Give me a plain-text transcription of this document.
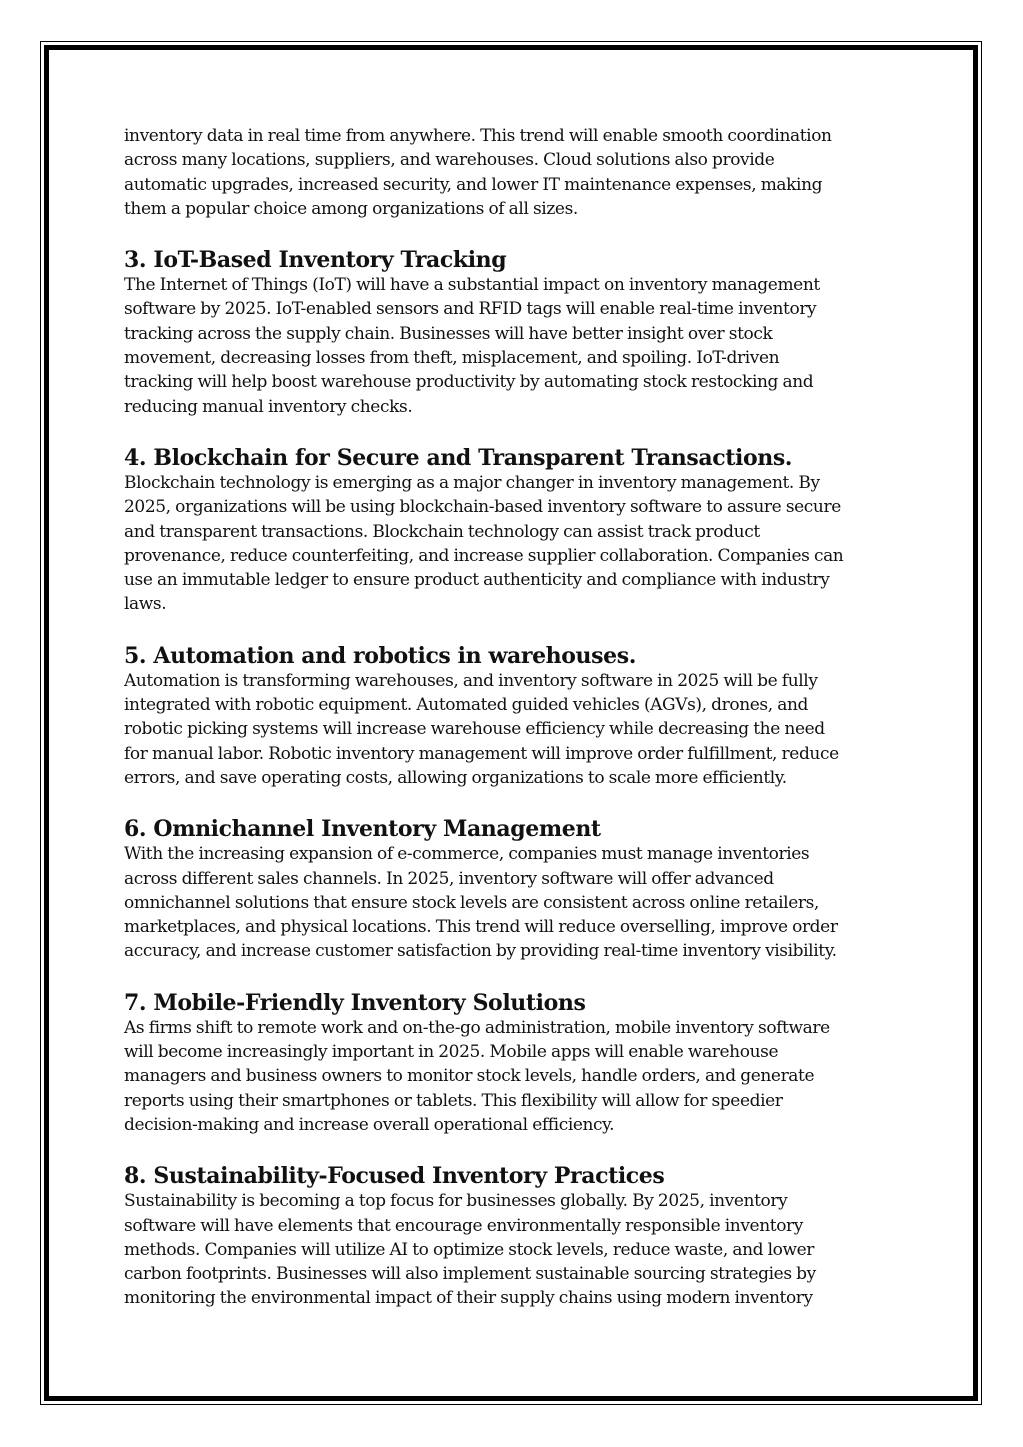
inventory data in real time from anywhere. This trend will enable smooth coordination
across many locations, suppliers, and warehouses. Cloud solutions also provide
automatic upgrades, increased security, and lower IT maintenance expenses, making
them a popular choice among organizations of all sizes.

3. IoT-Based Inventory Tracking

The Internet of Things (IoT) will have a substantial impact on inventory management
software by 2025. IoT-enabled sensors and RFID tags will enable real-time inventory
tracking across the supply chain. Businesses will have better insight over stock
movement, decreasing losses from theft, misplacement, and spoiling. IoT-driven
tracking will help boost warehouse productivity by automating stock restocking and
reducing manual inventory checks.

4. Blockchain for Secure and Transparent Transactions.

Blockchain technology is emerging as a major changer in inventory management. By
2025, organizations will be using blockchain-based inventory software to assure secure
and transparent transactions. Blockchain technology can assist track product
provenance, reduce counterfeiting, and increase supplier collaboration. Companies can
use an immutable ledger to ensure product authenticity and compliance with industry
laws.

5. Automation and robotics in warehouses.

Automation is transforming warehouses, and inventory software in 2025 will be fully
integrated with robotic equipment. Automated guided vehicles (AGVs), drones, and
robotic picking systems will increase warehouse efficiency while decreasing the need
for manual labor. Robotic inventory management will improve order fulfillment, reduce
errors, and save operating costs, allowing organizations to scale more efficiently.

6. Omnichannel Inventory Management

With the increasing expansion of e-commerce, companies must manage inventories
across different sales channels. In 2025, inventory software will offer advanced
omnichannel solutions that ensure stock levels are consistent across online retailers,
marketplaces, and physical locations. This trend will reduce overselling, improve order
accuracy, and increase customer satisfaction by providing real-time inventory visibility.

7. Mobile-Friendly Inventory Solutions

As firms shift to remote work and on-the-go administration, mobile inventory software
will become increasingly important in 2025. Mobile apps will enable warehouse
managers and business owners to monitor stock levels, handle orders, and generate
reports using their smartphones or tablets. This flexibility will allow for speedier
decision-making and increase overall operational efficiency.

8. Sustainability-Focused Inventory Practices

Sustainability is becoming a top focus for businesses globally. By 2025, inventory
software will have elements that encourage environmentally responsible inventory
methods. Companies will utilize AI to optimize stock levels, reduce waste, and lower
carbon footprints. Businesses will also implement sustainable sourcing strategies by
monitoring the environmental impact of their supply chains using modern inventory
